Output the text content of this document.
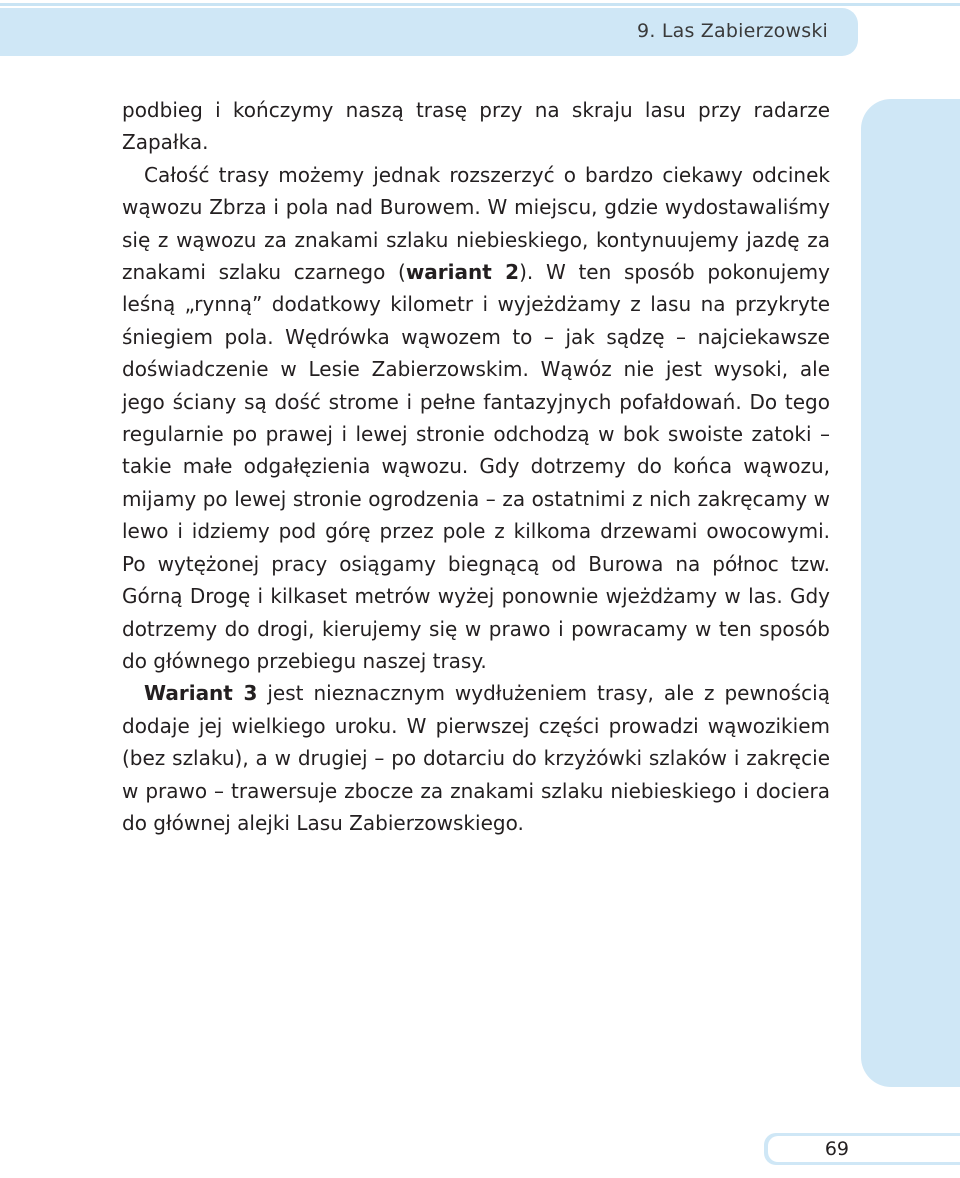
9. Las Zabierzowski

podbieg i kończymy naszą trasę przy na skraju lasu przy radarze Zapałka.

Całość trasy możemy jednak rozszerzyć o bardzo ciekawy odcinek wąwozu Zbrza i pola nad Burowem. W miejscu, gdzie wydostawaliśmy się z wąwozu za znakami szlaku niebieskiego, kontynuujemy jazdę za znakami szlaku czarnego (wariant 2). W ten sposób pokonujemy leśną „rynną” dodatkowy kilometr i wyjeżdżamy z lasu na przykryte śniegiem pola. Wędrówka wąwozem to – jak sądzę – najciekawsze doświadczenie w Lesie Zabierzowskim. Wąwóz nie jest wysoki, ale jego ściany są dość strome i pełne fantazyjnych pofałdowań. Do tego regularnie po prawej i lewej stronie odchodzą w bok swoiste zatoki – takie małe odgałęzienia wąwozu. Gdy dotrzemy do końca wąwozu, mijamy po lewej stronie ogrodzenia – za ostatnimi z nich zakręcamy w lewo i idziemy pod górę przez pole z kilkoma drzewami owocowymi. Po wytężonej pracy osiągamy biegnącą od Burowa na północ tzw. Górną Drogę i kilkaset metrów wyżej ponownie wjeżdżamy w las. Gdy dotrzemy do drogi, kierujemy się w prawo i powracamy w ten sposób do głównego przebiegu naszej trasy.

Wariant 3 jest nieznacznym wydłużeniem trasy, ale z pewnością dodaje jej wielkiego uroku. W pierwszej części prowadzi wąwozikiem (bez szlaku), a w drugiej – po dotarciu do krzyżówki szlaków i zakręcie w prawo – trawersuje zbocze za znakami szlaku niebieskiego i dociera do głównej alejki Lasu Zabierzowskiego.

69
